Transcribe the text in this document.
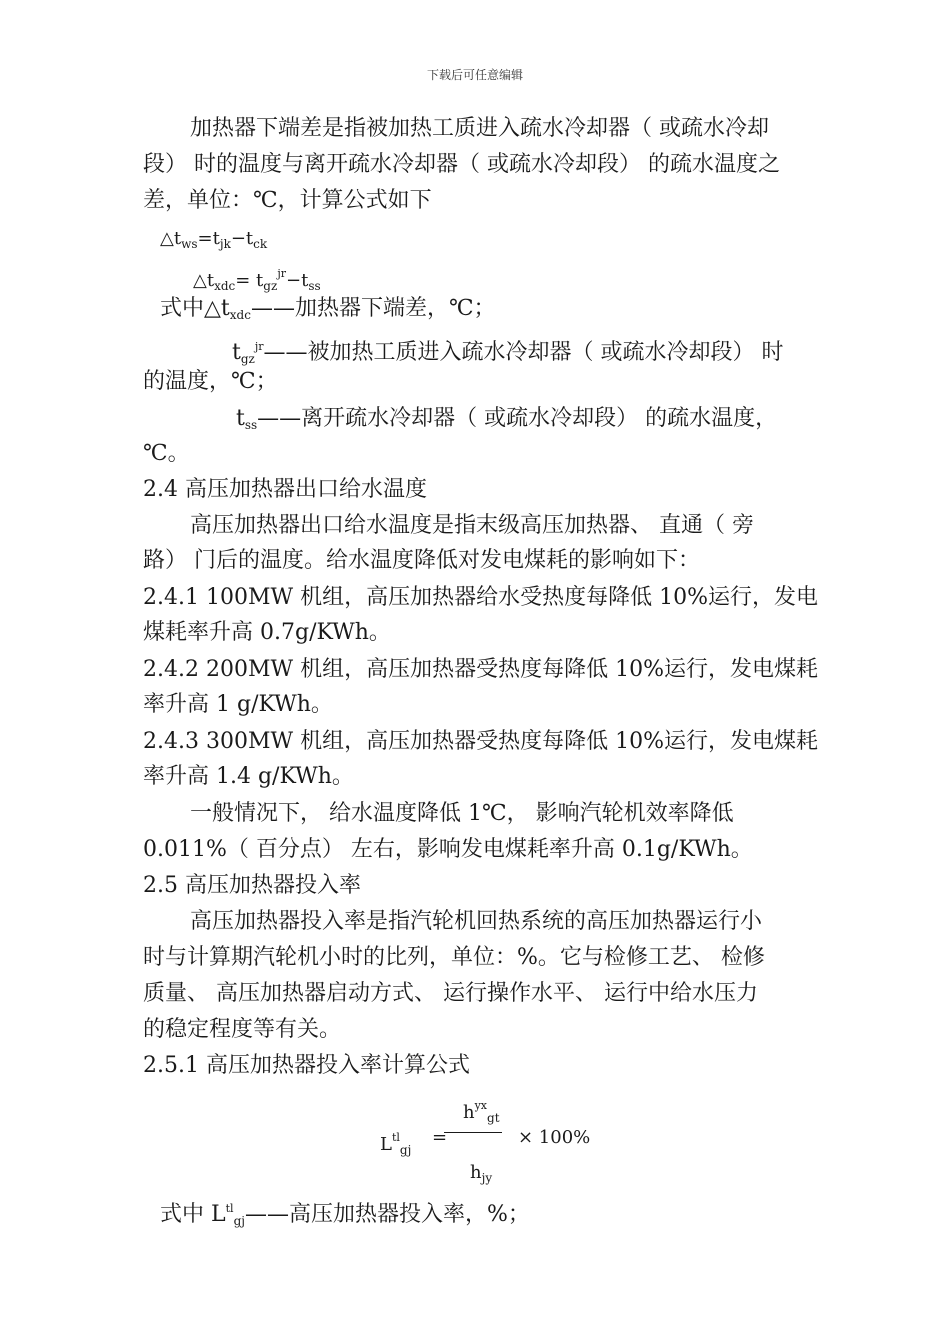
下载后可任意编辑
加热器下端差是指被加热工质进入疏水冷却器（ 或疏水冷却
段） 时的温度与离开疏水冷却器（ 或疏水冷却段） 的疏水温度之
差，单位：℃，计算公式如下
$\triangle t_{ws}=t_{jk}-t_{ck}$
$\triangle t_{xdc}= t_{gz}^{jr}-t_{ss}$
式中$\triangle t_{xdc}——$加热器下端差，℃；
$t_{gz}^{jr}——$被加热工质进入疏水冷却器（ 或疏水冷却段） 时
的温度，℃；
$t_{ss}——$离开疏水冷却器（ 或疏水冷却段） 的疏水温度，
℃。
2.4 高压加热器出口给水温度
高压加热器出口给水温度是指末级高压加热器、 直通（ 旁
路） 门后的温度。给水温度降低对发电煤耗的影响如下：
2.4.1 100MW 机组，高压加热器给水受热度每降低 10%运行，发电
煤耗率升高 0.7g/KWh。
2.4.2 200MW 机组，高压加热器受热度每降低 10%运行，发电煤耗
率升高 1 g/KWh。
2.4.3 300MW 机组，高压加热器受热度每降低 10%运行，发电煤耗
率升高 1.4 g/KWh。
一般情况下， 给水温度降低 1℃， 影响汽轮机效率降低
0.011%（ 百分点） 左右，影响发电煤耗率升高 0.1g/KWh。
2.5 高压加热器投入率
高压加热器投入率是指汽轮机回热系统的高压加热器运行小
时与计算期汽轮机小时的比列，单位：%。它与检修工艺、 检修
质量、 高压加热器启动方式、 运行操作水平、 运行中给水压力
的稳定程度等有关。
2.5.1 高压加热器投入率计算公式
$h^{yx}_{gt}$
$L^{tl}_{gj}$
=	× 100%
$h_{jy}$
式中 $L^{tl}_{gj}——$高压加热器投入率，%；
